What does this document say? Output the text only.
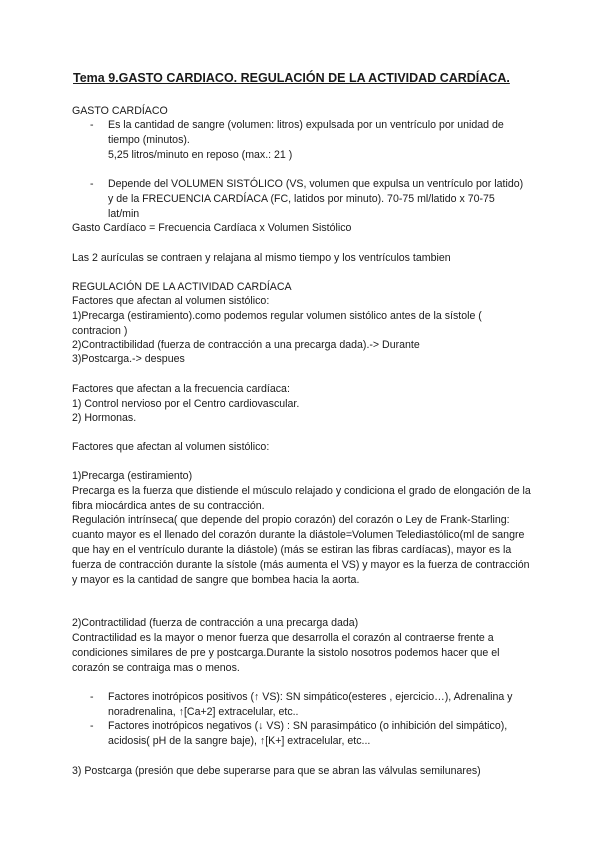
Tema 9.GASTO CARDIACO. REGULACIÓN DE LA ACTIVIDAD CARDÍACA.

GASTO CARDÍACO

- Es la cantidad de sangre (volumen: litros) expulsada por un ventrículo por unidad de tiempo (minutos).

5,25 litros/minuto en reposo (max.: 21 )

- Depende del VOLUMEN SISTÓLICO (VS, volumen que expulsa un ventrículo por latido) y de la FRECUENCIA CARDÍACA (FC, latidos por minuto). 70-75 ml/latido x 70-75 lat/min

Gasto Cardíaco = Frecuencia Cardíaca x Volumen Sistólico

Las 2 aurículas se contraen y relajana al mismo tiempo y los ventrículos tambien

REGULACIÓN DE LA ACTIVIDAD CARDÍACA

Factores que afectan al volumen sistólico:

1)Precarga (estiramiento).como podemos regular volumen sistólico antes de la sístole ( contracion )

2)Contractibilidad (fuerza de contracción a una precarga dada).-> Durante

3)Postcarga.-> despues

Factores que afectan a la frecuencia cardíaca:

1) Control nervioso por el Centro cardiovascular.

2) Hormonas.

Factores que afectan al volumen sistólico:

1)Precarga (estiramiento)

Precarga es la fuerza que distiende el músculo relajado y condiciona el grado de elongación de la fibra miocárdica antes de su contracción.

Regulación intrínseca( que depende del propio corazón) del corazón o Ley de Frank-Starling: cuanto mayor es el llenado del corazón durante la diástole=Volumen Telediastólico(ml de sangre que hay en el ventrículo durante la diástole) (más se estiran las fibras cardíacas), mayor es la fuerza de contracción durante la sístole (más aumenta el VS) y mayor es la fuerza de contracción y mayor es la cantidad de sangre que bombea hacia la aorta.

2)Contractilidad (fuerza de contracción a una precarga dada)

Contractilidad es la mayor o menor fuerza que desarrolla el corazón al contraerse frente a condiciones similares de pre y postcarga.Durante la sistolo nosotros podemos hacer que el corazón se contraiga mas o menos.

- Factores inotrópicos positivos (↑ VS): SN simpático(esteres , ejercicio…), Adrenalina y noradrenalina, ↑[Ca+2] extracelular, etc..

- Factores inotrópicos negativos (↓ VS) : SN parasimpático (o inhibición del simpático), acidosis( pH de la sangre baje), ↑[K+] extracelular, etc...

3) Postcarga (presión que debe superarse para que se abran las válvulas semilunares)
